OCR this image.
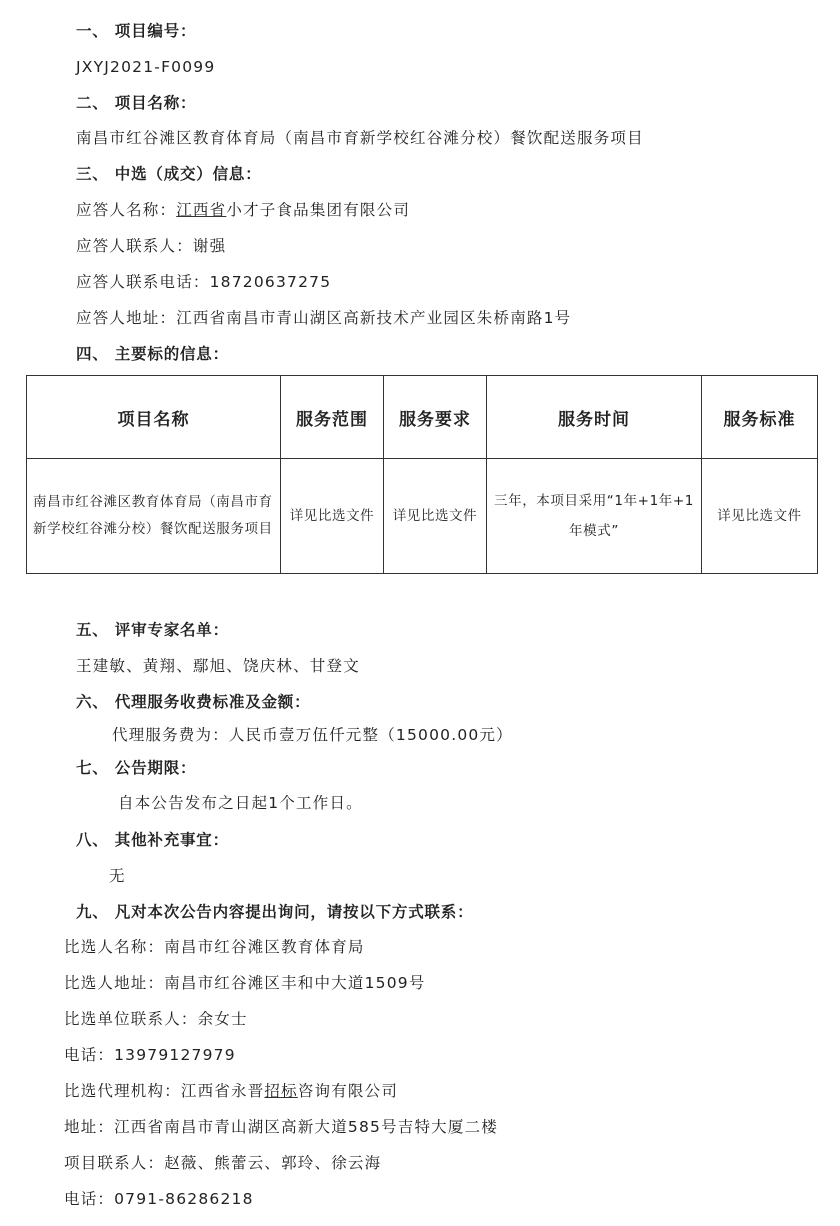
一、 项目编号：
JXYJ2021-F0099
二、 项目名称：
南昌市红谷滩区教育体育局（南昌市育新学校红谷滩分校）餐饮配送服务项目
三、 中选（成交）信息：
应答人名称：江西省小才子食品集团有限公司
应答人联系人：谢强
应答人联系电话：18720637275
应答人地址：江西省南昌市青山湖区高新技术产业园区朱桥南路1号
四、 主要标的信息：
项目名称	服务范围	服务要求	服务时间	服务标准
南昌市红谷滩区教育体育局（南昌市育新学校红谷滩分校）餐饮配送服务项目	详见比选文件	详见比选文件	三年，本项目采用“1年+1年+1年模式”	详见比选文件
五、 评审专家名单：
王建敏、黄翔、鄢旭、饶庆林、甘登文
六、 代理服务收费标准及金额：
代理服务费为：人民币壹万伍仟元整（15000.00元）
七、 公告期限：
自本公告发布之日起1个工作日。
八、 其他补充事宜：
无
九、 凡对本次公告内容提出询问，请按以下方式联系：
比选人名称：南昌市红谷滩区教育体育局
比选人地址：南昌市红谷滩区丰和中大道1509号
比选单位联系人：余女士
电话：13979127979
比选代理机构：江西省永晋招标咨询有限公司
地址：江西省南昌市青山湖区高新大道585号吉特大厦二楼
项目联系人：赵薇、熊蕾云、郭玲、徐云海
电话：0791-86286218
